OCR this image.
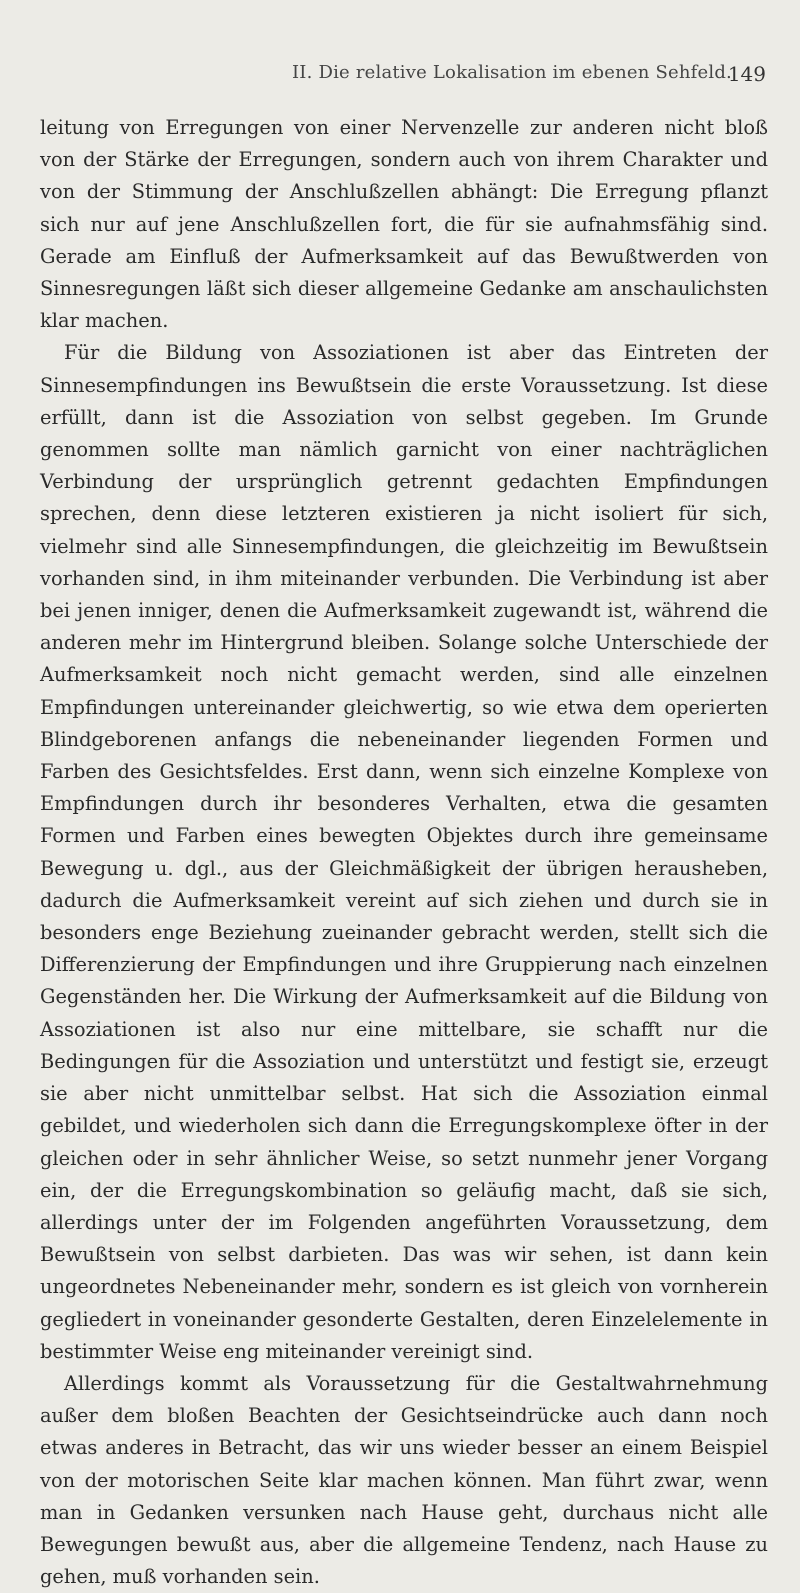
II. Die relative Lokalisation im ebenen Sehfeld.
149

leitung von Erregungen von einer Nervenzelle zur anderen nicht bloß von der Stärke der Erregungen, sondern auch von ihrem Charakter und von der Stimmung der Anschlußzellen abhängt: Die Erregung pflanzt sich nur auf jene Anschlußzellen fort, die für sie aufnahmsfähig sind. Gerade am Einfluß der Aufmerksamkeit auf das Bewußtwerden von Sinnesregungen läßt sich dieser allgemeine Gedanke am anschaulichsten klar machen.

Für die Bildung von Assoziationen ist aber das Eintreten der Sinnesempfindungen ins Bewußtsein die erste Voraussetzung. Ist diese erfüllt, dann ist die Assoziation von selbst gegeben. Im Grunde genommen sollte man nämlich garnicht von einer nachträglichen Verbindung der ursprünglich getrennt gedachten Empfindungen sprechen, denn diese letzteren existieren ja nicht isoliert für sich, vielmehr sind alle Sinnesempfindungen, die gleichzeitig im Bewußtsein vorhanden sind, in ihm miteinander verbunden. Die Verbindung ist aber bei jenen inniger, denen die Aufmerksamkeit zugewandt ist, während die anderen mehr im Hintergrund bleiben. Solange solche Unterschiede der Aufmerksamkeit noch nicht gemacht werden, sind alle einzelnen Empfindungen untereinander gleichwertig, so wie etwa dem operierten Blindgeborenen anfangs die nebeneinander liegenden Formen und Farben des Gesichtsfeldes. Erst dann, wenn sich einzelne Komplexe von Empfindungen durch ihr besonderes Verhalten, etwa die gesamten Formen und Farben eines bewegten Objektes durch ihre gemeinsame Bewegung u. dgl., aus der Gleichmäßigkeit der übrigen herausheben, dadurch die Aufmerksamkeit vereint auf sich ziehen und durch sie in besonders enge Beziehung zueinander gebracht werden, stellt sich die Differenzierung der Empfindungen und ihre Gruppierung nach einzelnen Gegenständen her. Die Wirkung der Aufmerksamkeit auf die Bildung von Assoziationen ist also nur eine mittelbare, sie schafft nur die Bedingungen für die Assoziation und unterstützt und festigt sie, erzeugt sie aber nicht unmittelbar selbst. Hat sich die Assoziation einmal gebildet, und wiederholen sich dann die Erregungskomplexe öfter in der gleichen oder in sehr ähnlicher Weise, so setzt nunmehr jener Vorgang ein, der die Erregungskombination so geläufig macht, daß sie sich, allerdings unter der im Folgenden angeführten Voraussetzung, dem Bewußtsein von selbst darbieten. Das was wir sehen, ist dann kein ungeordnetes Nebeneinander mehr, sondern es ist gleich von vornherein gegliedert in voneinander gesonderte Gestalten, deren Einzelelemente in bestimmter Weise eng miteinander vereinigt sind.

Allerdings kommt als Voraussetzung für die Gestaltwahrnehmung außer dem bloßen Beachten der Gesichtseindrücke auch dann noch etwas anderes in Betracht, das wir uns wieder besser an einem Beispiel von der motorischen Seite klar machen können. Man führt zwar, wenn man in Gedanken versunken nach Hause geht, durchaus nicht alle Bewegungen bewußt aus, aber die allgemeine Tendenz, nach Hause zu gehen, muß vorhanden sein.
